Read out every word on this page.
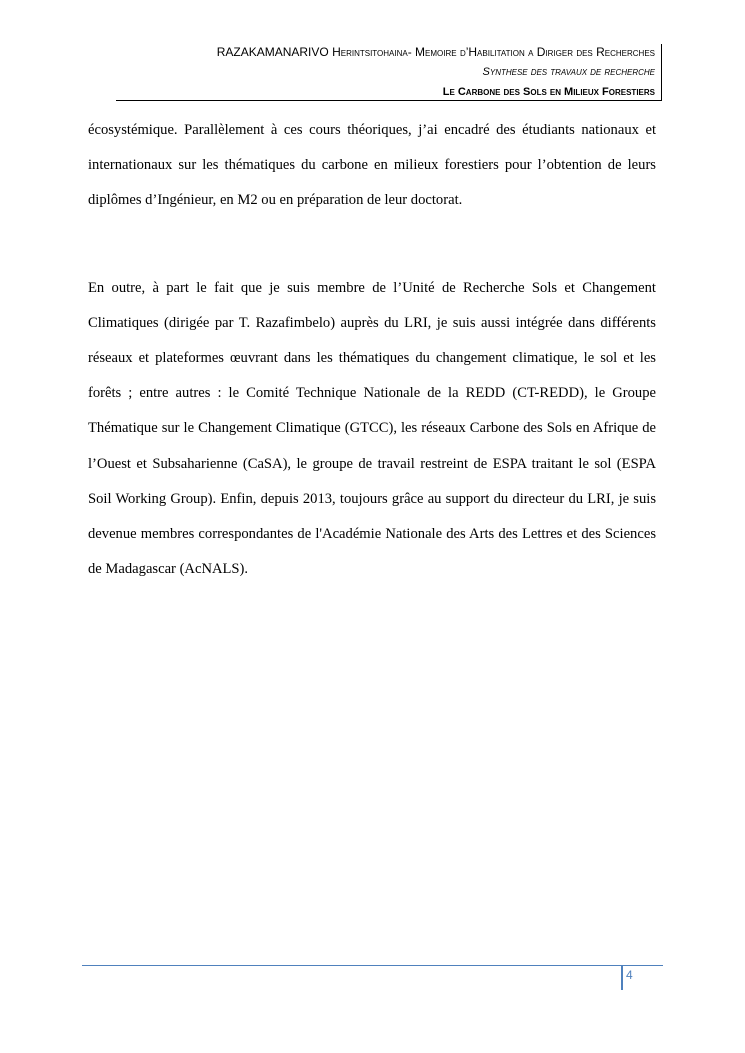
RAZAKAMANARIVO Herintsitohaina- Memoire d’Habilitation a Diriger des Recherches
Synthese des travaux de recherche
Le Carbone des Sols en Milieux Forestiers

écosystémique. Parallèlement à ces cours théoriques, j’ai encadré des étudiants nationaux et internationaux sur les thématiques du carbone en milieux forestiers pour l’obtention de leurs diplômes d’Ingénieur, en M2 ou en préparation de leur doctorat.

En outre, à part le fait que je suis membre de l’Unité de Recherche Sols et Changement Climatiques (dirigée par T. Razafimbelo) auprès du LRI, je suis aussi intégrée dans différents réseaux et plateformes œuvrant dans les thématiques du changement climatique, le sol et les forêts ; entre autres : le Comité Technique Nationale de la REDD (CT-REDD), le Groupe Thématique sur le Changement Climatique (GTCC), les réseaux Carbone des Sols en Afrique de l’Ouest et Subsaharienne (CaSA), le groupe de travail restreint de ESPA traitant le sol (ESPA Soil Working Group). Enfin, depuis 2013, toujours grâce au support du directeur du LRI, je suis devenue membres correspondantes de l'Académie Nationale des Arts des Lettres et des Sciences de Madagascar (AcNALS).

4
